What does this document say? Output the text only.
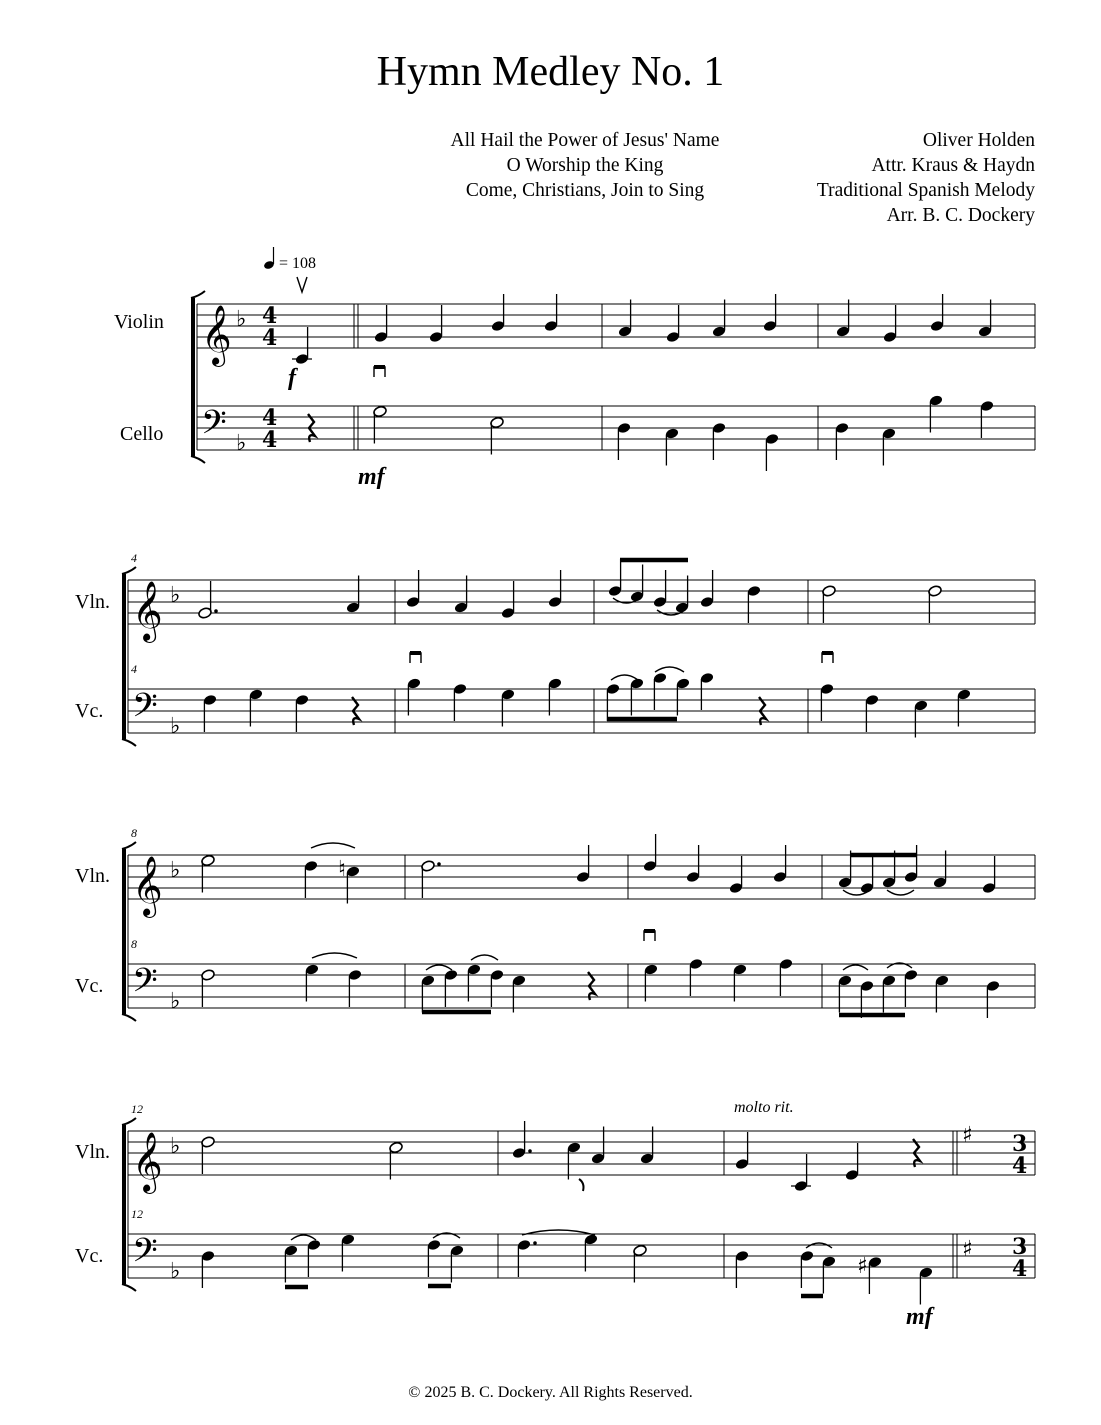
Hymn Medley No. 1
All Hail the Power of Jesus' Name
O Worship the King
Come, Christians, Join to Sing
Oliver Holden
Attr. Kraus & Haydn
Traditional Spanish Melody
Arr. B. C. Dockery
= 108
Violin
Cello
𝄞
𝄢
♭
♭
4
4
4
4
Vln.
Vc.
4
4
𝄞
𝄢
♭
♭
Vln.
Vc.
8
8
𝄞
𝄢
♭
♭
Vln.
Vc.
12
12
𝄞
𝄢
♭
♭
♯
♯
3
4
3
4
f
mf
mf
molto rit.
♮
♯
© 2025 B. C. Dockery. All Rights Reserved.
